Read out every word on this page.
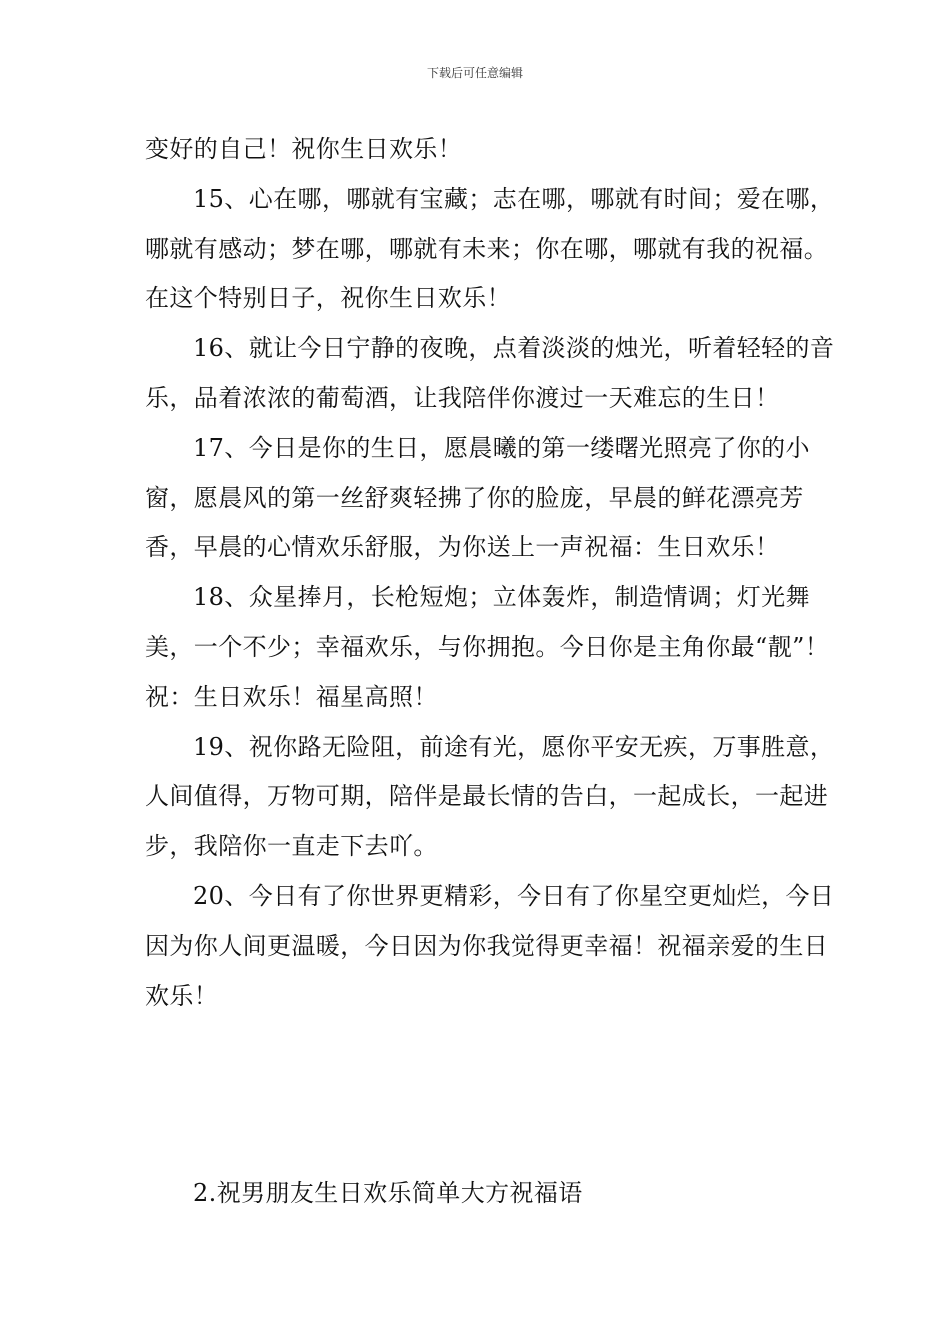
下载后可任意编辑

变好的自己！祝你生日欢乐！

15、心在哪，哪就有宝藏；志在哪，哪就有时间；爱在哪，哪就有感动；梦在哪，哪就有未来；你在哪，哪就有我的祝福。在这个特别日子，祝你生日欢乐！

16、就让今日宁静的夜晚，点着淡淡的烛光，听着轻轻的音乐，品着浓浓的葡萄酒，让我陪伴你渡过一天难忘的生日！

17、今日是你的生日，愿晨曦的第一缕曙光照亮了你的小窗，愿晨风的第一丝舒爽轻拂了你的脸庞，早晨的鲜花漂亮芳香，早晨的心情欢乐舒服，为你送上一声祝福：生日欢乐！

18、众星捧月，长枪短炮；立体轰炸，制造情调；灯光舞美，一个不少；幸福欢乐，与你拥抱。今日你是主角你最“靓”！祝：生日欢乐！福星高照！

19、祝你路无险阻，前途有光，愿你平安无疾，万事胜意，人间值得，万物可期，陪伴是最长情的告白，一起成长，一起进步，我陪你一直走下去吖。

20、今日有了你世界更精彩，今日有了你星空更灿烂，今日因为你人间更温暖，今日因为你我觉得更幸福！祝福亲爱的生日欢乐！

2.祝男朋友生日欢乐简单大方祝福语
